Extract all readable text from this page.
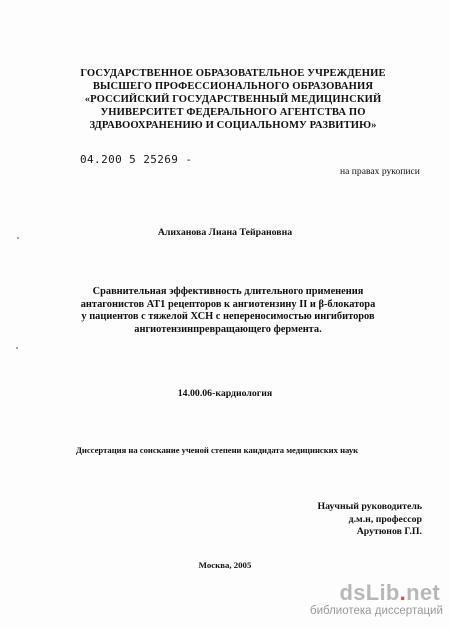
ГОСУДАРСТВЕННОЕ ОБРАЗОВАТЕЛЬНОЕ УЧРЕЖДЕНИЕ
ВЫСШЕГО ПРОФЕССИОНАЛЬНОГО ОБРАЗОВАНИЯ
«РОССИЙСКИЙ ГОСУДАРСТВЕННЫЙ МЕДИЦИНСКИЙ
УНИВЕРСИТЕТ ФЕДЕРАЛЬНОГО АГЕНТСТВА ПО
ЗДРАВООХРАНЕНИЮ И СОЦИАЛЬНОМУ РАЗВИТИЮ»
04.200 5 25269 -
на правах рукописи
Алиханова Лиана Тейрановна
Сравнительная эффективность длительного применения
антагонистов АТ1 рецепторов к ангиотензину II и β-блокатора
у пациентов с тяжелой ХСН с непереносимостью ингибиторов
ангиотензинпревращающего фермента.
14.00.06-кардиология
Диссертация на соискание ученой степени кандидата медицинских наук
Научный руководитель
д.м.н, профессор
Арутюнов Г.П.
Москва, 2005
dsLib.net
библиотека диссертаций
